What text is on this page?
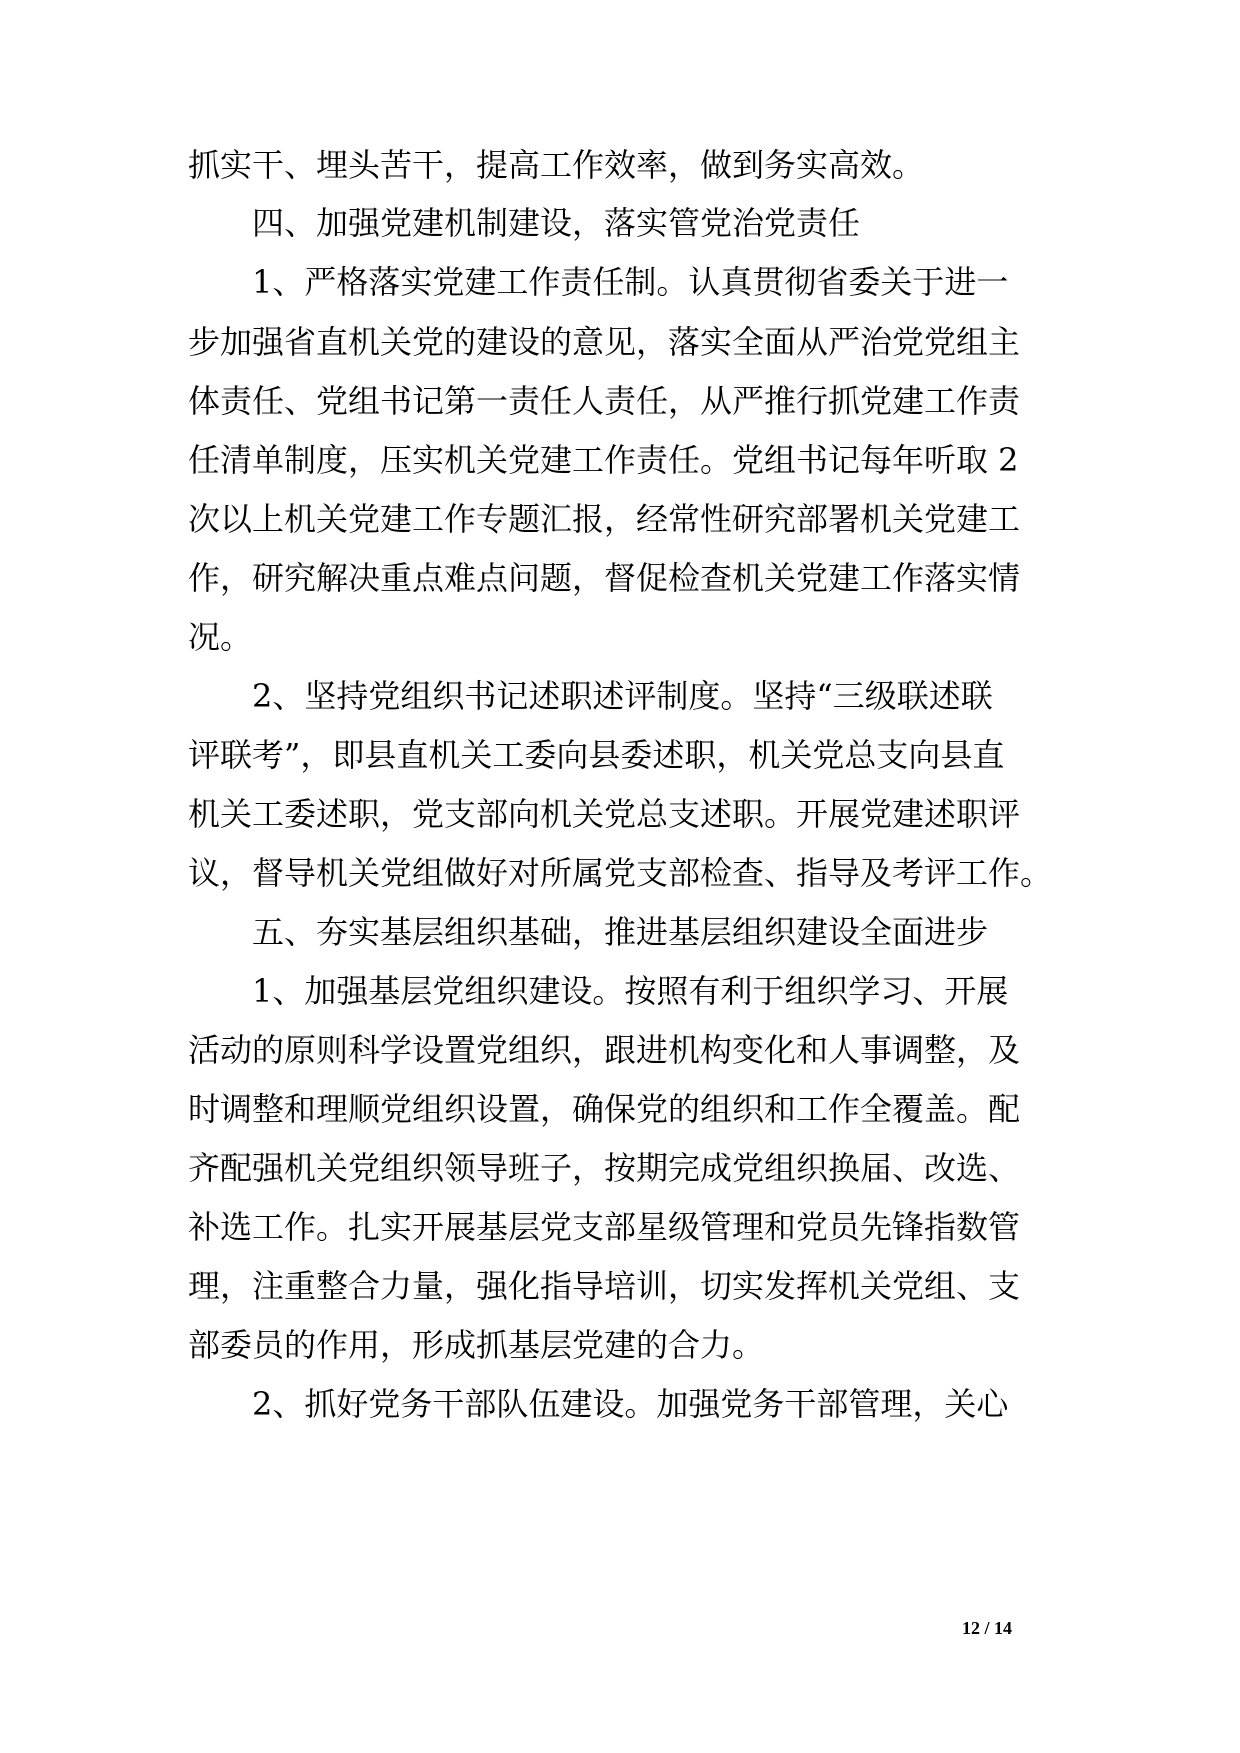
抓实干、埋头苦干，提高工作效率，做到务实高效。
四、加强党建机制建设，落实管党治党责任
1、严格落实党建工作责任制。认真贯彻省委关于进一
步加强省直机关党的建设的意见，落实全面从严治党党组主
体责任、党组书记第一责任人责任，从严推行抓党建工作责
任清单制度，压实机关党建工作责任。党组书记每年听取 2
次以上机关党建工作专题汇报，经常性研究部署机关党建工
作，研究解决重点难点问题，督促检查机关党建工作落实情
况。
2、坚持党组织书记述职述评制度。坚持“三级联述联
评联考”，即县直机关工委向县委述职，机关党总支向县直
机关工委述职，党支部向机关党总支述职。开展党建述职评
议，督导机关党组做好对所属党支部检查、指导及考评工作。
五、夯实基层组织基础，推进基层组织建设全面进步
1、加强基层党组织建设。按照有利于组织学习、开展
活动的原则科学设置党组织，跟进机构变化和人事调整，及
时调整和理顺党组织设置，确保党的组织和工作全覆盖。配
齐配强机关党组织领导班子，按期完成党组织换届、改选、
补选工作。扎实开展基层党支部星级管理和党员先锋指数管
理，注重整合力量，强化指导培训，切实发挥机关党组、支
部委员的作用，形成抓基层党建的合力。
2、抓好党务干部队伍建设。加强党务干部管理，关心
12 / 14
